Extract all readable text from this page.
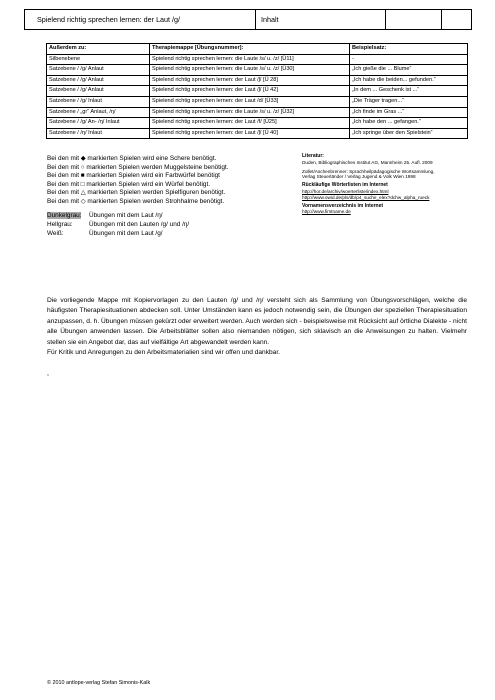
Spielend richtig sprechen lernen: der Laut /g/	Inhalt
Außerdem zu:	Therapiemappe [Übungsnummer]:	Beispielsatz:
Silbenebene	Spielend richtig sprechen lernen: die Laute /s/ u. /z/ [Ü11]	-
Satzebene / /g/ Anlaut	Spielend richtig sprechen lernen: die Laute /s/ u. /z/ [Ü30]	„Ich gieße die ... Blume“
Satzebene / /g/ Anlaut	Spielend richtig sprechen lernen: der Laut /ʃ/ [Ü 28]	„Ich habe die beiden... gefunden.“
Satzebene / /g/ Anlaut	Spielend richtig sprechen lernen: der Laut /ʃ/ [Ü 42]	„In dem ... Geschenk ist ...“
Satzebene / /g/ Inlaut	Spielend richtig sprechen lernen: der Laut /d/ [Ü33]	„Die Träger tragen...“
Satzebene / „gr“ Anlaut, /ŋ/	Spielend richtig sprechen lernen: die Laute /s/ u. /z/ [Ü32]	„Ich finde im Gras ...“
Satzebene / /g/ An- /ŋ/ Inlaut	Spielend richtig sprechen lernen: der Laut /f/ [Ü25]	„Ich habe den ... gefangen.“
Satzebene / /ŋ/ Inlaut	Spielend richtig sprechen lernen: der Laut /ʃ/ [Ü 40]	„Ich springe über den Spielstein“
Bei den mit ◆ markierten Spielen wird eine Schere benötigt.
Bei den mit ○ markierten Spielen werden Muggelsteine benötigt.
Bei den mit ■ markierten Spielen wird ein Farbwürfel benötigt
Bei den mit □ markierten Spielen wird ein Würfel benötigt.
Bei den mit △ markierten Spielen werden Spielfiguren benötigt.
Bei den mit ◇ markierten Spielen werden Strohhalme benötigt.
Dunkelgrau:	Übungen mit dem Laut /ŋ/
Hellgrau:	Übungen mit den Lauten /g/ und /ŋ/
Weiß:	Übungen mit dem Laut /g/
Literatur:
Duden, Bibliographisches Institut AG, Mannheim 25. Aufl. 2009
Zollet/Aschenbrenner: Sprachheilpädagogische Wortsammlung,
Verlag Steuerländer / Verlag Jugend & Volk Wien 1998
Rückläufige Wörterlisten im Internet
http://hor.de/archiv/woerterliste/index.html
http://www.owid.de/pls/db/p4_suche_elex?dchw_alpha_rueck
Vornamensverzeichnis im Internet
http://www.firstname.de

Die vorliegende Mappe mit Kopiervorlagen zu den Lauten /g/ und /ŋ/ versteht sich als Sammlung von Übungsvorschlägen, welche die häufigsten Therapiesituationen abdecken soll. Unter Umständen kann es jedoch notwendig sein, die Übungen der speziellen Therapiesituation anzupassen, d. h. Übungen müssen gekürzt oder erweitert werden. Auch werden sich - beispielsweise mit Rücksicht auf örtliche Dialekte - nicht alle Übungen anwenden lassen. Die Arbeitsblätter sollen also niemanden nötigen, sich sklavisch an die Anweisungen zu halten. Vielmehr stellen sie ein Angebot dar, das auf vielfältige Art abgewandelt werden kann.

Für Kritik und Anregungen zu den Arbeitsmaterialien sind wir offen und dankbar.

,
© 2010 antlope-verlag Stefan Simonis-Kalk
